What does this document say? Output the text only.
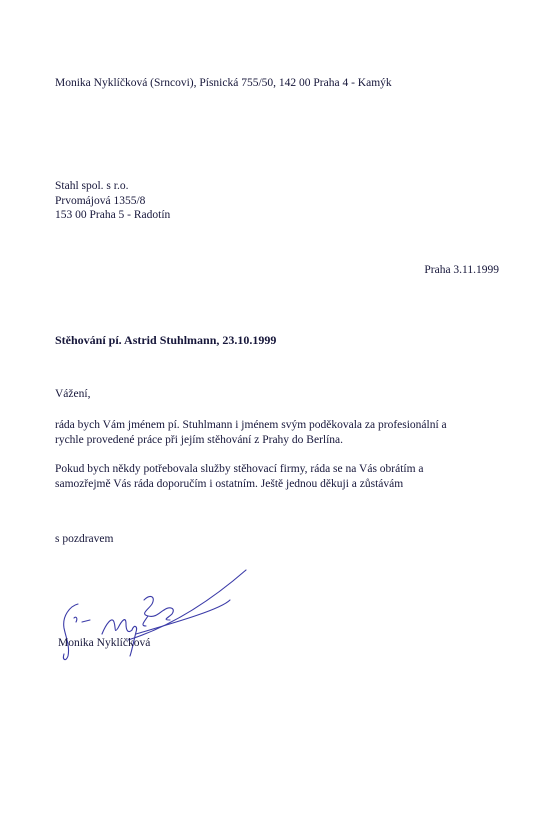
Monika Nyklíčková (Srncovi), Písnická 755/50, 142 00 Praha 4 - Kamýk
Stahl spol. s r.o.
Prvomájová 1355/8
153 00 Praha 5 - Radotín
Praha 3.11.1999
Stěhování pí. Astrid Stuhlmann, 23.10.1999
Vážení,
ráda bych Vám jménem pí. Stuhlmann i jménem svým poděkovala za profesionální a
rychle provedené práce při jejím stěhování z Prahy do Berlína.
Pokud bych někdy potřebovala služby stěhovací firmy, ráda se na Vás obrátím a
samozřejmě Vás ráda doporučím i ostatním. Ještě jednou děkuji a zůstávám
s pozdravem
Monika Nyklíčková
